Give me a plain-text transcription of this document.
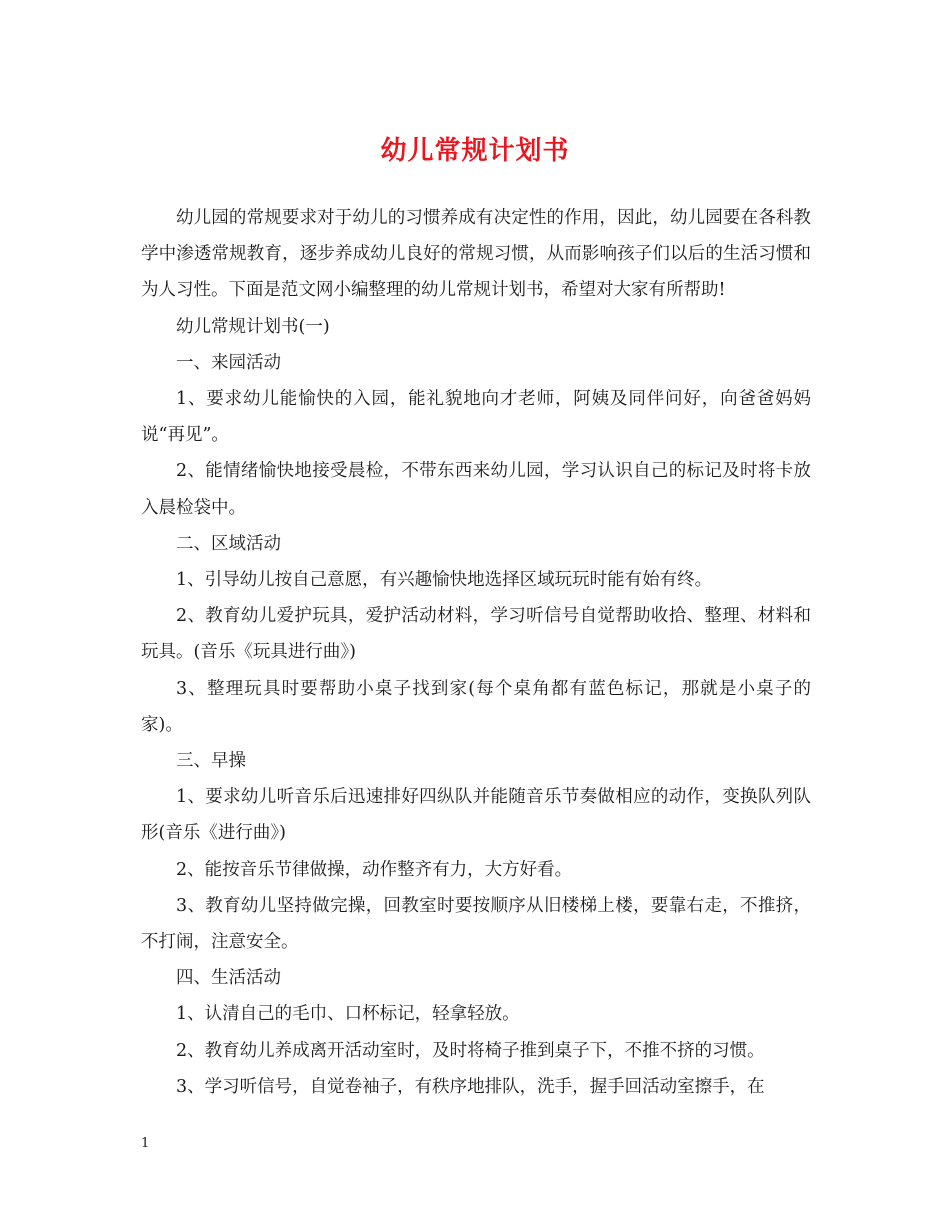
幼儿常规计划书

幼儿园的常规要求对于幼儿的习惯养成有决定性的作用，因此，幼儿园要在各科教学中渗透常规教育，逐步养成幼儿良好的常规习惯，从而影响孩子们以后的生活习惯和为人习性。下面是范文网小编整理的幼儿常规计划书，希望对大家有所帮助!

幼儿常规计划书(一)

一、来园活动

1、要求幼儿能愉快的入园，能礼貌地向才老师，阿姨及同伴问好，向爸爸妈妈说“再见”。

2、能情绪愉快地接受晨检，不带东西来幼儿园，学习认识自己的标记及时将卡放入晨检袋中。

二、区域活动

1、引导幼儿按自己意愿，有兴趣愉快地选择区域玩玩时能有始有终。

2、教育幼儿爱护玩具，爱护活动材料，学习听信号自觉帮助收拾、整理、材料和玩具。(音乐《玩具进行曲》)

3、整理玩具时要帮助小桌子找到家(每个桌角都有蓝色标记，那就是小桌子的家)。

三、早操

1、要求幼儿听音乐后迅速排好四纵队并能随音乐节奏做相应的动作，变换队列队形(音乐《进行曲》)

2、能按音乐节律做操，动作整齐有力，大方好看。

3、教育幼儿坚持做完操，回教室时要按顺序从旧楼梯上楼，要靠右走，不推挤，不打闹，注意安全。

四、生活活动

1、认清自己的毛巾、口杯标记，轻拿轻放。

2、教育幼儿养成离开活动室时，及时将椅子推到桌子下，不推不挤的习惯。

3、学习听信号，自觉卷袖子，有秩序地排队，洗手，握手回活动室擦手，在

1
